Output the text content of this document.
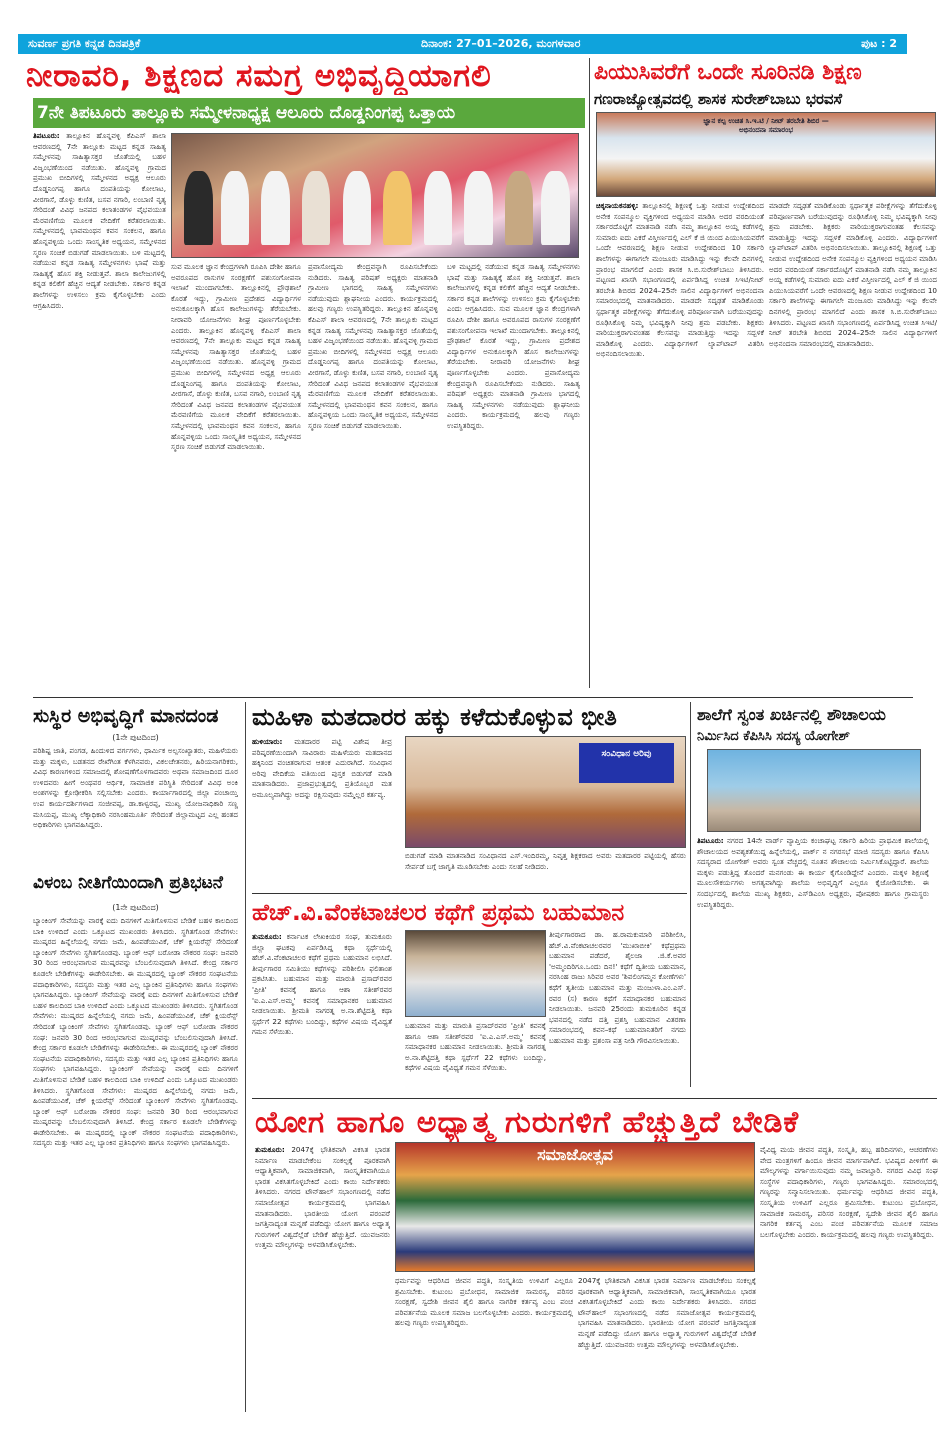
ಸುವರ್ಣ ಪ್ರಗತಿ ಕನ್ನಡ ದಿನಪತ್ರಿಕೆ	ದಿನಾಂಕ: 27–01–2026, ಮಂಗಳವಾರ	ಪುಟ : 2
ನೀರಾವರಿ, ಶಿಕ್ಷಣದ ಸಮಗ್ರ ಅಭಿವೃದ್ಧಿಯಾಗಲಿ
7ನೇ ತಿಪಟೂರು ತಾಲ್ಲೂಕು ಸಮ್ಮೇಳನಾಧ್ಯಕ್ಷ ಆಲೂರು ದೊಡ್ಡನಿಂಗಪ್ಪ ಒತ್ತಾಯ
ತಿಪಟೂರು: ತಾಲ್ಲೂಕಿನ ಹೊನ್ನವಳ್ಳಿ ಕೆಪಿಎಸ್ ಶಾಲಾ ಆವರಣದಲ್ಲಿ 7ನೇ ತಾಲ್ಲೂಕು ಮಟ್ಟದ ಕನ್ನಡ ಸಾಹಿತ್ಯ ಸಮ್ಮೇಳನವು ಸಾಹಿತ್ಯಾಸಕ್ತರ ಜೊತೆಯಲ್ಲಿ ಬಹಳ ವಿಜೃಂಭಣೆಯಿಂದ ನಡೆಯಿತು. ಹೊನ್ನವಳ್ಳಿ ಗ್ರಾಮದ ಪ್ರಮುಖ ಬೀದಿಗಳಲ್ಲಿ ಸಮ್ಮೇಳನದ ಅಧ್ಯಕ್ಷ ಆಲೂರು ದೊಡ್ಡನಿಂಗಪ್ಪ ಹಾಗೂ ದಂಪತಿಯನ್ನು ಕೋಲಾಟ, ವೀರಗಾಸೆ, ಡೊಳ್ಳು ಕುಣಿತ, ಬಸವ ನಗಾರಿ, ಲಂಬಾಣಿ ನೃತ್ಯ ಸೇರಿದಂತೆ ವಿವಿಧ ಜನಪದ ಕಲಾತಂಡಗಳ ವೈಭವಯುತ ಮೆರವಣಿಗೆಯ ಮೂಲಕ ವೇದಿಕೆಗೆ ಕರೆತರಲಾಯಿತು. ಸಮ್ಮೇಳನದಲ್ಲಿ ಭಾವಮಂಥನ ಕವನ ಸಂಕಲನ, ಹಾಗೂ ಹೊನ್ನವಳ್ಳಿಯ ಒಂದು ಸಾಂಸ್ಕೃತಿಕ ಅಧ್ಯಯನ, ಸಮ್ಮೇಳನದ ಸ್ಮರಣ ಸಂಚಿಕೆ ಬಿಡುಗಡೆ ಮಾಡಲಾಯಿತು. ಬಳಿ ಮಟ್ಟದಲ್ಲಿ ನಡೆಯುವ ಕನ್ನಡ ಸಾಹಿತ್ಯ ಸಮ್ಮೇಳನಗಳು ಭಾಷೆ ಮತ್ತು ಸಾಹಿತ್ಯಕ್ಕೆ ಹೊಸ ಶಕ್ತಿ ನೀಡುತ್ತವೆ. ಶಾಲಾ ಕಾಲೇಜುಗಳಲ್ಲಿ ಕನ್ನಡ ಕಲಿಕೆಗೆ ಹೆಚ್ಚಿನ ಆದ್ಯತೆ ನೀಡಬೇಕು. ಸರ್ಕಾರ ಕನ್ನಡ ಶಾಲೆಗಳನ್ನು ಉಳಿಸಲು ಕ್ರಮ ಕೈಗೊಳ್ಳಬೇಕು ಎಂದು ಆಗ್ರಹಿಸಿದರು.
ಸುವ ಮೂಲಕ ಜ್ಞಾನ ಕೇಂದ್ರಗಳಾಗಿ ರೂಪಿಸಿ ದೇಶೀ ಹಾಗೂ ಅವರೂಪದ ರಾಸುಗಳ ಸಂರಕ್ಷಣೆಗೆ ಪಶುಸಂಗೋಪನಾ ಇಲಾಖೆ ಮುಂದಾಗಬೇಕು. ತಾಲ್ಲೂಕಿನಲ್ಲಿ ಪ್ರೌಢಶಾಲೆ ಕೊರತೆ ಇದ್ದು, ಗ್ರಾಮೀಣ ಪ್ರದೇಶದ ವಿದ್ಯಾರ್ಥಿಗಳ ಅನುಕೂಲಕ್ಕಾಗಿ ಹೊಸ ಕಾಲೇಜುಗಳನ್ನು ತೆರೆಯಬೇಕು. ನೀರಾವರಿ ಯೋಜನೆಗಳು ಶೀಘ್ರ ಪೂರ್ಣಗೊಳ್ಳಬೇಕು ಎಂದರು. ತಾಲ್ಲೂಕಿನ ಹೊನ್ನವಳ್ಳಿ ಕೆಪಿಎಸ್ ಶಾಲಾ ಆವರಣದಲ್ಲಿ 7ನೇ ತಾಲ್ಲೂಕು ಮಟ್ಟದ ಕನ್ನಡ ಸಾಹಿತ್ಯ ಸಮ್ಮೇಳನವು ಸಾಹಿತ್ಯಾಸಕ್ತರ ಜೊತೆಯಲ್ಲಿ ಬಹಳ ವಿಜೃಂಭಣೆಯಿಂದ ನಡೆಯಿತು. ಹೊನ್ನವಳ್ಳಿ ಗ್ರಾಮದ ಪ್ರಮುಖ ಬೀದಿಗಳಲ್ಲಿ ಸಮ್ಮೇಳನದ ಅಧ್ಯಕ್ಷ ಆಲೂರು ದೊಡ್ಡನಿಂಗಪ್ಪ ಹಾಗೂ ದಂಪತಿಯನ್ನು ಕೋಲಾಟ, ವೀರಗಾಸೆ, ಡೊಳ್ಳು ಕುಣಿತ, ಬಸವ ನಗಾರಿ, ಲಂಬಾಣಿ ನೃತ್ಯ ಸೇರಿದಂತೆ ವಿವಿಧ ಜನಪದ ಕಲಾತಂಡಗಳ ವೈಭವಯುತ ಮೆರವಣಿಗೆಯ ಮೂಲಕ ವೇದಿಕೆಗೆ ಕರೆತರಲಾಯಿತು. ಸಮ್ಮೇಳನದಲ್ಲಿ ಭಾವಮಂಥನ ಕವನ ಸಂಕಲನ, ಹಾಗೂ ಹೊನ್ನವಳ್ಳಿಯ ಒಂದು ಸಾಂಸ್ಕೃತಿಕ ಅಧ್ಯಯನ, ಸಮ್ಮೇಳನದ ಸ್ಮರಣ ಸಂಚಿಕೆ ಬಿಡುಗಡೆ ಮಾಡಲಾಯಿತು.
ಪ್ರವಾಸೋದ್ಯಮ ಕೇಂದ್ರವನ್ನಾಗಿ ರೂಪಿಸಬೇಕೆಂದು ನುಡಿದರು. ಸಾಹಿತ್ಯ ಪರಿಷತ್ ಅಧ್ಯಕ್ಷರು ಮಾತನಾಡಿ ಗ್ರಾಮೀಣ ಭಾಗದಲ್ಲಿ ಸಾಹಿತ್ಯ ಸಮ್ಮೇಳನಗಳು ನಡೆಯುವುದು ಶ್ಲಾಘನೀಯ ಎಂದರು. ಕಾರ್ಯಕ್ರಮದಲ್ಲಿ ಹಲವು ಗಣ್ಯರು ಉಪಸ್ಥಿತರಿದ್ದರು. ತಾಲ್ಲೂಕಿನ ಹೊನ್ನವಳ್ಳಿ ಕೆಪಿಎಸ್ ಶಾಲಾ ಆವರಣದಲ್ಲಿ 7ನೇ ತಾಲ್ಲೂಕು ಮಟ್ಟದ ಕನ್ನಡ ಸಾಹಿತ್ಯ ಸಮ್ಮೇಳನವು ಸಾಹಿತ್ಯಾಸಕ್ತರ ಜೊತೆಯಲ್ಲಿ ಬಹಳ ವಿಜೃಂಭಣೆಯಿಂದ ನಡೆಯಿತು. ಹೊನ್ನವಳ್ಳಿ ಗ್ರಾಮದ ಪ್ರಮುಖ ಬೀದಿಗಳಲ್ಲಿ ಸಮ್ಮೇಳನದ ಅಧ್ಯಕ್ಷ ಆಲೂರು ದೊಡ್ಡನಿಂಗಪ್ಪ ಹಾಗೂ ದಂಪತಿಯನ್ನು ಕೋಲಾಟ, ವೀರಗಾಸೆ, ಡೊಳ್ಳು ಕುಣಿತ, ಬಸವ ನಗಾರಿ, ಲಂಬಾಣಿ ನೃತ್ಯ ಸೇರಿದಂತೆ ವಿವಿಧ ಜನಪದ ಕಲಾತಂಡಗಳ ವೈಭವಯುತ ಮೆರವಣಿಗೆಯ ಮೂಲಕ ವೇದಿಕೆಗೆ ಕರೆತರಲಾಯಿತು. ಸಮ್ಮೇಳನದಲ್ಲಿ ಭಾವಮಂಥನ ಕವನ ಸಂಕಲನ, ಹಾಗೂ ಹೊನ್ನವಳ್ಳಿಯ ಒಂದು ಸಾಂಸ್ಕೃತಿಕ ಅಧ್ಯಯನ, ಸಮ್ಮೇಳನದ ಸ್ಮರಣ ಸಂಚಿಕೆ ಬಿಡುಗಡೆ ಮಾಡಲಾಯಿತು.
ಬಳಿ ಮಟ್ಟದಲ್ಲಿ ನಡೆಯುವ ಕನ್ನಡ ಸಾಹಿತ್ಯ ಸಮ್ಮೇಳನಗಳು ಭಾಷೆ ಮತ್ತು ಸಾಹಿತ್ಯಕ್ಕೆ ಹೊಸ ಶಕ್ತಿ ನೀಡುತ್ತವೆ. ಶಾಲಾ ಕಾಲೇಜುಗಳಲ್ಲಿ ಕನ್ನಡ ಕಲಿಕೆಗೆ ಹೆಚ್ಚಿನ ಆದ್ಯತೆ ನೀಡಬೇಕು. ಸರ್ಕಾರ ಕನ್ನಡ ಶಾಲೆಗಳನ್ನು ಉಳಿಸಲು ಕ್ರಮ ಕೈಗೊಳ್ಳಬೇಕು ಎಂದು ಆಗ್ರಹಿಸಿದರು. ಸುವ ಮೂಲಕ ಜ್ಞಾನ ಕೇಂದ್ರಗಳಾಗಿ ರೂಪಿಸಿ ದೇಶೀ ಹಾಗೂ ಅವರೂಪದ ರಾಸುಗಳ ಸಂರಕ್ಷಣೆಗೆ ಪಶುಸಂಗೋಪನಾ ಇಲಾಖೆ ಮುಂದಾಗಬೇಕು. ತಾಲ್ಲೂಕಿನಲ್ಲಿ ಪ್ರೌಢಶಾಲೆ ಕೊರತೆ ಇದ್ದು, ಗ್ರಾಮೀಣ ಪ್ರದೇಶದ ವಿದ್ಯಾರ್ಥಿಗಳ ಅನುಕೂಲಕ್ಕಾಗಿ ಹೊಸ ಕಾಲೇಜುಗಳನ್ನು ತೆರೆಯಬೇಕು. ನೀರಾವರಿ ಯೋಜನೆಗಳು ಶೀಘ್ರ ಪೂರ್ಣಗೊಳ್ಳಬೇಕು ಎಂದರು. ಪ್ರವಾಸೋದ್ಯಮ ಕೇಂದ್ರವನ್ನಾಗಿ ರೂಪಿಸಬೇಕೆಂದು ನುಡಿದರು. ಸಾಹಿತ್ಯ ಪರಿಷತ್ ಅಧ್ಯಕ್ಷರು ಮಾತನಾಡಿ ಗ್ರಾಮೀಣ ಭಾಗದಲ್ಲಿ ಸಾಹಿತ್ಯ ಸಮ್ಮೇಳನಗಳು ನಡೆಯುವುದು ಶ್ಲಾಘನೀಯ ಎಂದರು. ಕಾರ್ಯಕ್ರಮದಲ್ಲಿ ಹಲವು ಗಣ್ಯರು ಉಪಸ್ಥಿತರಿದ್ದರು.
ಪಿಯುಸಿವರೆಗೆ ಒಂದೇ ಸೂರಿನಡಿ ಶಿಕ್ಷಣ
ಗಣರಾಜ್ಯೋತ್ಸವದಲ್ಲಿ ಶಾಸಕ ಸುರೇಶ್‌ಬಾಬು ಭರವಸೆ
ಜ್ಞಾನ ಕಲ್ಪ ಉಚಿತ ಸಿ.ಇ.ಟಿ / ನೀಟ್ ತರಬೇತಿ ಶಿಬಿರ — ಅಭಿನಂದನಾ ಸಮಾರಂಭ
ಚಿಕ್ಕನಾಯಕನಹಳ್ಳಿ: ತಾಲ್ಲೂಕಿನಲ್ಲಿ ಶಿಕ್ಷಣಕ್ಕೆ ಒತ್ತು ನೀಡುವ ಉದ್ದೇಶದಿಂದ ಅನೇಕ ಸಂಪನ್ಮೂಲ ವ್ಯಕ್ತಿಗಳಿಂದ ಅಧ್ಯಯನ ಮಾಡಿಸಿ ಅದರ ವರದಿಯಂತೆ ಸರ್ಕಾರದೊಟ್ಟಿಗೆ ಮಾತನಾಡಿ ನಡೆಸಿ ನಮ್ಮ ತಾಲ್ಲೂಕಿನ ಅಯ್ದ ಕಡೆಗಳಲ್ಲಿ ಸುಮಾರು ಐದು ಎಕರೆ ವಿಸ್ತೀರ್ಣದಲ್ಲಿ ಎಲ್ ಕೆ ಜಿ ಯಿಂದ ಪಿಯುಸಿಯವರೆಗೆ ಒಂದೇ ಆವರಣದಲ್ಲಿ ಶಿಕ್ಷಣ ನೀಡುವ ಉದ್ದೇಶದಿಂದ 10 ಸರ್ಕಾರಿ ಶಾಲೆಗಳನ್ನು ಈಗಾಗಲೇ ಮಂಜೂರು ಮಾಡಿಸಿದ್ದು ಇನ್ನು ಕೆಲವೇ ದಿನಗಳಲ್ಲಿ ಪ್ರಾರಂಭ ಮಾಗಲಿದೆ ಎಂದು ಶಾಸಕ ಸಿ.ಬಿ.ಸುರೇಶ್‌ಬಾಬು ತಿಳಿಸಿದರು. ಪಟ್ಟಣದ ಖಾಸಗಿ ಸಭಾಂಗಣದಲ್ಲಿ ಏರ್ಪಡಿಸಿದ್ದ ಉಚಿತ ಸಿಇಟಿ/ನೀಟ್ ತರಬೇತಿ ಶಿಬಿರದ 2024–25ನೇ ಸಾಲಿನ ವಿದ್ಯಾರ್ಥಿಗಳಿಗೆ ಅಭಿನಂದನಾ ಸಮಾರಂಭದಲ್ಲಿ ಮಾತನಾಡಿದರು. ಮಾಡದೇ ಸದೃಢತೆ ಮಾಡಿಕೊಂಡು ಸ್ಪರ್ಧಾತ್ಮಕ ಪರೀಕ್ಷೆಗಳನ್ನು ತೆಗೆದುಕೊಳ್ಳಿ ಪರಿಪೂರ್ಣವಾಗಿ ಬರೆಯುವುದನ್ನು ರೂಢಿಸಿಕೊಳ್ಳಿ ನಿಮ್ಮ ಭವಿಷ್ಯಕ್ಕಾಗಿ ನೀವು ಶ್ರಮ ಪಡಬೇಕು. ಶಿಕ್ಷಕರು ವಾರಿಯುಕ್ತರಾಗುವಂತಹ ಕೆಲಸವನ್ನು ಮಾಡುತ್ತಿದ್ದು ಇದನ್ನು ಸದ್ಬಳಕೆ ಮಾಡಿಕೊಳ್ಳಿ ಎಂದರು. ವಿದ್ಯಾರ್ಥಿಗಳಿಗೆ ಲ್ಯಾಪ್‌ಟಾಪ್ ವಿತರಿಸಿ ಅಭಿನಂದಿಸಲಾಯಿತು.
ಮಾಡದೇ ಸದೃಢತೆ ಮಾಡಿಕೊಂಡು ಸ್ಪರ್ಧಾತ್ಮಕ ಪರೀಕ್ಷೆಗಳನ್ನು ತೆಗೆದುಕೊಳ್ಳಿ ಪರಿಪೂರ್ಣವಾಗಿ ಬರೆಯುವುದನ್ನು ರೂಢಿಸಿಕೊಳ್ಳಿ ನಿಮ್ಮ ಭವಿಷ್ಯಕ್ಕಾಗಿ ನೀವು ಶ್ರಮ ಪಡಬೇಕು. ಶಿಕ್ಷಕರು ವಾರಿಯುಕ್ತರಾಗುವಂತಹ ಕೆಲಸವನ್ನು ಮಾಡುತ್ತಿದ್ದು ಇದನ್ನು ಸದ್ಬಳಕೆ ಮಾಡಿಕೊಳ್ಳಿ ಎಂದರು. ವಿದ್ಯಾರ್ಥಿಗಳಿಗೆ ಲ್ಯಾಪ್‌ಟಾಪ್ ವಿತರಿಸಿ ಅಭಿನಂದಿಸಲಾಯಿತು. ತಾಲ್ಲೂಕಿನಲ್ಲಿ ಶಿಕ್ಷಣಕ್ಕೆ ಒತ್ತು ನೀಡುವ ಉದ್ದೇಶದಿಂದ ಅನೇಕ ಸಂಪನ್ಮೂಲ ವ್ಯಕ್ತಿಗಳಿಂದ ಅಧ್ಯಯನ ಮಾಡಿಸಿ ಅದರ ವರದಿಯಂತೆ ಸರ್ಕಾರದೊಟ್ಟಿಗೆ ಮಾತನಾಡಿ ನಡೆಸಿ ನಮ್ಮ ತಾಲ್ಲೂಕಿನ ಅಯ್ದ ಕಡೆಗಳಲ್ಲಿ ಸುಮಾರು ಐದು ಎಕರೆ ವಿಸ್ತೀರ್ಣದಲ್ಲಿ ಎಲ್ ಕೆ ಜಿ ಯಿಂದ ಪಿಯುಸಿಯವರೆಗೆ ಒಂದೇ ಆವರಣದಲ್ಲಿ ಶಿಕ್ಷಣ ನೀಡುವ ಉದ್ದೇಶದಿಂದ 10 ಸರ್ಕಾರಿ ಶಾಲೆಗಳನ್ನು ಈಗಾಗಲೇ ಮಂಜೂರು ಮಾಡಿಸಿದ್ದು ಇನ್ನು ಕೆಲವೇ ದಿನಗಳಲ್ಲಿ ಪ್ರಾರಂಭ ಮಾಗಲಿದೆ ಎಂದು ಶಾಸಕ ಸಿ.ಬಿ.ಸುರೇಶ್‌ಬಾಬು ತಿಳಿಸಿದರು. ಪಟ್ಟಣದ ಖಾಸಗಿ ಸಭಾಂಗಣದಲ್ಲಿ ಏರ್ಪಡಿಸಿದ್ದ ಉಚಿತ ಸಿಇಟಿ/ನೀಟ್ ತರಬೇತಿ ಶಿಬಿರದ 2024–25ನೇ ಸಾಲಿನ ವಿದ್ಯಾರ್ಥಿಗಳಿಗೆ ಅಭಿನಂದನಾ ಸಮಾರಂಭದಲ್ಲಿ ಮಾತನಾಡಿದರು.
ಸುಸ್ಥಿರ ಅಭಿವೃದ್ಧಿಗೆ ಮಾನದಂಡ
(1ನೇ ಪುಟದಿಂದ)
ಪರಿಶಿಷ್ಟ ಜಾತಿ, ಪಂಗಡ, ಹಿಂದುಳಿದ ವರ್ಗಗಳು, ಧಾರ್ಮಿಕ ಅಲ್ಪಸಂಖ್ಯಾತರು, ಮಹಿಳೆಯರು ಮತ್ತು ಮಕ್ಕಳು, ಬಡತನದ ರೇಖೆಗಿಂತ ಕೆಳಗಿನವರು, ವಿಕಲಚೇತನರು, ಹಿರಿಯನಾಗರಿಕರು, ವಿವಿಧ ಕಾರಣಗಳಿಂದ ಸಮಾಜದಲ್ಲಿ ಶೋಷಣೆಗೊಳಗಾದವರು ಅಥವಾ ಸಮಾಜದಿಂದ ದೂರ ಉಳಿದವರು ಹೀಗೆ ಅಂಥವರ ಆರ್ಥಿಕ, ಸಾಮಾಜಿಕ ಪರಿಸ್ಥಿತಿ ಸೇರಿದಂತೆ ವಿವಿಧ ಅಂಕಿ ಅಂಶಗಳನ್ನು ಕ್ರೋಢೀಕರಿಸಿ ಸಲ್ಲಿಸಬೇಕು ಎಂದರು. ಕಾರ್ಯಾಗಾರದಲ್ಲಿ ಜಿಲ್ಲಾ ಪಂಚಾಯ್ತಿ ಉಪ ಕಾರ್ಯದರ್ಶಿಗಳಾದ ಸಂಜೀವಪ್ಪ, ಡಾ.ಕಾಳ್ವರಪ್ಪ, ಮುಖ್ಯ ಯೋಜನಾಧಿಕಾರಿ ಸಣ್ಣ ಮಸಿಯಪ್ಪ, ಮುಖ್ಯ ಲೆಕ್ಕಾಧಿಕಾರಿ ನರಸಿಂಹಮೂರ್ತಿ ಸೇರಿದಂತೆ ಜಿಲ್ಲಾಮಟ್ಟದ ಎಲ್ಲ ಹಂತದ ಅಧಿಕಾರಿಗಳು ಭಾಗವಹಿಸಿದ್ದರು.
ವಿಳಂಬ ನೀತಿಗೆಯಿಂದಾಗಿ ಪ್ರತಿಭಟನೆ
(1ನೇ ಪುಟದಿಂದ)
ಬ್ಯಾಂಕಿಂಗ್ ಸೇವೆಯನ್ನು ವಾರಕ್ಕೆ ಐದು ದಿನಗಳಿಗೆ ಮಿತಿಗೊಳಿಸುವ ಬೇಡಿಕೆ ಬಹಳ ಕಾಲದಿಂದ ಬಾಕಿ ಉಳಿದಿದೆ ಎಂದು ಒಕ್ಕೂಟದ ಮುಖಂಡರು ತಿಳಿಸಿದರು. ಸ್ಥಗಿತಗೊಂಡ ಸೇವೆಗಳು: ಮುಷ್ಕರದ ಹಿನ್ನೆಲೆಯಲ್ಲಿ ನಗದು ಜಮೆ, ಹಿಂಪಡೆಯುವಿಕೆ, ಚೆಕ್ ಕ್ಲಿಯರೆನ್ಸ್ ಸೇರಿದಂತೆ ಬ್ಯಾಂಕಿಂಗ್ ಸೇವೆಗಳು ಸ್ಥಗಿತಗೊಂಡವು. ಬ್ಯಾಂಕ್ ಆಫ್ ಬರೋಡಾ ನೌಕರರ ಸಂಘ: ಜನವರಿ 30 ರಿಂದ ಆರಂಭವಾಗುವ ಮುಷ್ಕರವನ್ನು ಬೆಂಬಲಿಸುವುದಾಗಿ ತಿಳಿಸಿದೆ. ಕೇಂದ್ರ ಸರ್ಕಾರ ಕೂಡಲೇ ಬೇಡಿಕೆಗಳನ್ನು ಈಡೇರಿಸಬೇಕು. ಈ ಮುಷ್ಕರದಲ್ಲಿ ಬ್ಯಾಂಕ್ ನೌಕರರ ಸಂಘಟನೆಯ ಪದಾಧಿಕಾರಿಗಳು, ಸದಸ್ಯರು ಮತ್ತು ಇತರ ಎಲ್ಲ ಬ್ಯಾಂಕಿನ ಪ್ರತಿನಿಧಿಗಳು ಹಾಗೂ ಸಂಘಗಳು ಭಾಗವಹಿಸಿದ್ದರು. ಬ್ಯಾಂಕಿಂಗ್ ಸೇವೆಯನ್ನು ವಾರಕ್ಕೆ ಐದು ದಿನಗಳಿಗೆ ಮಿತಿಗೊಳಿಸುವ ಬೇಡಿಕೆ ಬಹಳ ಕಾಲದಿಂದ ಬಾಕಿ ಉಳಿದಿದೆ ಎಂದು ಒಕ್ಕೂಟದ ಮುಖಂಡರು ತಿಳಿಸಿದರು. ಸ್ಥಗಿತಗೊಂಡ ಸೇವೆಗಳು: ಮುಷ್ಕರದ ಹಿನ್ನೆಲೆಯಲ್ಲಿ ನಗದು ಜಮೆ, ಹಿಂಪಡೆಯುವಿಕೆ, ಚೆಕ್ ಕ್ಲಿಯರೆನ್ಸ್ ಸೇರಿದಂತೆ ಬ್ಯಾಂಕಿಂಗ್ ಸೇವೆಗಳು ಸ್ಥಗಿತಗೊಂಡವು. ಬ್ಯಾಂಕ್ ಆಫ್ ಬರೋಡಾ ನೌಕರರ ಸಂಘ: ಜನವರಿ 30 ರಿಂದ ಆರಂಭವಾಗುವ ಮುಷ್ಕರವನ್ನು ಬೆಂಬಲಿಸುವುದಾಗಿ ತಿಳಿಸಿದೆ. ಕೇಂದ್ರ ಸರ್ಕಾರ ಕೂಡಲೇ ಬೇಡಿಕೆಗಳನ್ನು ಈಡೇರಿಸಬೇಕು. ಈ ಮುಷ್ಕರದಲ್ಲಿ ಬ್ಯಾಂಕ್ ನೌಕರರ ಸಂಘಟನೆಯ ಪದಾಧಿಕಾರಿಗಳು, ಸದಸ್ಯರು ಮತ್ತು ಇತರ ಎಲ್ಲ ಬ್ಯಾಂಕಿನ ಪ್ರತಿನಿಧಿಗಳು ಹಾಗೂ ಸಂಘಗಳು ಭಾಗವಹಿಸಿದ್ದರು. ಬ್ಯಾಂಕಿಂಗ್ ಸೇವೆಯನ್ನು ವಾರಕ್ಕೆ ಐದು ದಿನಗಳಿಗೆ ಮಿತಿಗೊಳಿಸುವ ಬೇಡಿಕೆ ಬಹಳ ಕಾಲದಿಂದ ಬಾಕಿ ಉಳಿದಿದೆ ಎಂದು ಒಕ್ಕೂಟದ ಮುಖಂಡರು ತಿಳಿಸಿದರು. ಸ್ಥಗಿತಗೊಂಡ ಸೇವೆಗಳು: ಮುಷ್ಕರದ ಹಿನ್ನೆಲೆಯಲ್ಲಿ ನಗದು ಜಮೆ, ಹಿಂಪಡೆಯುವಿಕೆ, ಚೆಕ್ ಕ್ಲಿಯರೆನ್ಸ್ ಸೇರಿದಂತೆ ಬ್ಯಾಂಕಿಂಗ್ ಸೇವೆಗಳು ಸ್ಥಗಿತಗೊಂಡವು. ಬ್ಯಾಂಕ್ ಆಫ್ ಬರೋಡಾ ನೌಕರರ ಸಂಘ: ಜನವರಿ 30 ರಿಂದ ಆರಂಭವಾಗುವ ಮುಷ್ಕರವನ್ನು ಬೆಂಬಲಿಸುವುದಾಗಿ ತಿಳಿಸಿದೆ. ಕೇಂದ್ರ ಸರ್ಕಾರ ಕೂಡಲೇ ಬೇಡಿಕೆಗಳನ್ನು ಈಡೇರಿಸಬೇಕು. ಈ ಮುಷ್ಕರದಲ್ಲಿ ಬ್ಯಾಂಕ್ ನೌಕರರ ಸಂಘಟನೆಯ ಪದಾಧಿಕಾರಿಗಳು, ಸದಸ್ಯರು ಮತ್ತು ಇತರ ಎಲ್ಲ ಬ್ಯಾಂಕಿನ ಪ್ರತಿನಿಧಿಗಳು ಹಾಗೂ ಸಂಘಗಳು ಭಾಗವಹಿಸಿದ್ದರು.
ಮಹಿಳಾ ಮತದಾರರ ಹಕ್ಕು ಕಳೆದುಕೊಳ್ಳುವ ಭೀತಿ
ಹುಳಿಯಾರು: ಮತದಾರರ ಪಟ್ಟಿ ವಿಶೇಷ ತೀವ್ರ ಪರಿಷ್ಕರಣೆಯಿಂದಾಗಿ ಸಾವಿರಾರು ಮಹಿಳೆಯರು ಮತದಾನದ ಹಕ್ಕಿನಿಂದ ವಂಚಿತರಾಗುವ ಆತಂಕ ಎದುರಾಗಿದೆ. ಸಂವಿಧಾನ ಅರಿವು ವೇದಿಕೆಯ ವತಿಯಿಂದ ಪುಸ್ತಕ ಬಿಡುಗಡೆ ಮಾಡಿ ಮಾತನಾಡಿದರು. ಪ್ರಜಾಪ್ರಭುತ್ವದಲ್ಲಿ ಪ್ರತಿಯೊಬ್ಬರ ಮತ ಅಮೂಲ್ಯವಾಗಿದ್ದು ಅದನ್ನು ರಕ್ಷಿಸುವುದು ನಮ್ಮೆಲ್ಲರ ಕರ್ತವ್ಯ.
ಸಂವಿಧಾನ ಅರಿವು
ಬಿಡುಗಡೆ ಮಾಡಿ ಮಾತನಾಡಿದ ಸಂವಿಧಾನದ ಎಸ್.ಇಂದಿರಮ್ಮ, ನಿವೃತ್ತ ಶಿಕ್ಷಕರಾದ ಅವರು ಮತದಾರರ ಪಟ್ಟಿಯಲ್ಲಿ ಹೆಸರು ಸೇರ್ಪಡೆ ಬಗ್ಗೆ ಜಾಗೃತಿ ಮೂಡಿಸಬೇಕು ಎಂದು ಸಲಹೆ ನೀಡಿದರು.
ಹೆಚ್.ವಿ.ವೆಂಕಟಾಚಲರ ಕಥೆಗೆ ಪ್ರಥಮ ಬಹುಮಾನ
ತುಮಕೂರು: ಕರ್ನಾಟಕ ಲೇಖಕಿಯರ ಸಂಘ, ತುಮಕೂರು ಜಿಲ್ಲಾ ಘಟಕವು ಏರ್ಪಡಿಸಿದ್ದ ಕಥಾ ಸ್ಪರ್ಧೆಯಲ್ಲಿ ಹೆಚ್.ವಿ.ವೆಂಕಟಾಚಲರ ಕಥೆಗೆ ಪ್ರಥಮ ಬಹುಮಾನ ಲಭಿಸಿದೆ. ತೀರ್ಪುಗಾರರ ಸಮಿತಿಯು ಕಥೆಗಳನ್ನು ಪರಿಶೀಲಿಸಿ ಫಲಿತಾಂಶ ಪ್ರಕಟಿಸಿತು. ಬಹುಮಾನ ಮತ್ತು ಮಾರುತಿ ಪ್ರಸಾದ್‌ರವರ 'ಪ್ರೀತಿ' ಕವನಕ್ಕೆ ಹಾಗೂ ಆಶಾ ಸತೀಶ್‌ರವರ 'ಐ.ಎ.ಎಸ್.ಅಮ್ಮ' ಕವನಕ್ಕೆ ಸಮಾಧಾನಕರ ಬಹುಮಾನ ನೀಡಲಾಯಿತು. ಶ್ರೀಮತಿ ನಾಗರತ್ನ ಅ.ನಾ.ಶೆಟ್ಟಿದತ್ತಿ ಕಥಾ ಸ್ಪರ್ಧೆಗೆ 22 ಕಥೆಗಳು ಬಂದಿದ್ದು, ಕಥೆಗಳ ವಿಷಯ ವೈವಿಧ್ಯತೆ ಗಮನ ಸೆಳೆಯಿತು.
ಬಹುಮಾನ ಮತ್ತು ಮಾರುತಿ ಪ್ರಸಾದ್‌ರವರ 'ಪ್ರೀತಿ' ಕವನಕ್ಕೆ ಹಾಗೂ ಆಶಾ ಸತೀಶ್‌ರವರ 'ಐ.ಎ.ಎಸ್.ಅಮ್ಮ' ಕವನಕ್ಕೆ ಸಮಾಧಾನಕರ ಬಹುಮಾನ ನೀಡಲಾಯಿತು. ಶ್ರೀಮತಿ ನಾಗರತ್ನ ಅ.ನಾ.ಶೆಟ್ಟಿದತ್ತಿ ಕಥಾ ಸ್ಪರ್ಧೆಗೆ 22 ಕಥೆಗಳು ಬಂದಿದ್ದು, ಕಥೆಗಳ ವಿಷಯ ವೈವಿಧ್ಯತೆ ಗಮನ ಸೆಳೆಯಿತು.
ತೀರ್ಪುಗಾರರಾದ ಡಾ. ಹ.ರಾಮಕುಮಾರಿ ಪರಿಶೀಲಿಸಿ, ಹೆಚ್.ವಿ.ವೆಂಕಟಾಚಲರವರ 'ಮುಖಾಬೀಕಿ' ಕಥೆಪ್ರಥಮ ಬಹುಮಾನ ಪಡೆದರೆ, ಶೈಲಜಾ .ಜಿ.ಕೆ.ಅವರ 'ಅಮ್ಮಂದಿರಿಗೂ.ಒಂದು ದಿನ!' ಕಥೆಗೆ ದ್ವಿತೀಯ ಬಹುಮಾನ, ನರಸಿಂಹ ರಾಜು ಸಿರಿವರ ಅವರ 'ಶಿವಲಿಂಗಮ್ಮನ ಕೋಣೆಗಳು' ಕಥೆಗೆ ತೃತೀಯ ಬಹುಮಾನ ಮತ್ತು ಮಂಜುಳಾ.ಎಂ.ಎಸ್. ರವರ (ಸ) ಕಾರಣ ಕಥೆಗೆ ಸಮಾಧಾನಕರ ಬಹುಮಾನ ನೀಡಲಾಯಿತು. ಜನವರಿ 25ರಂದು ತುಮಕೂರಿನ ಕನ್ನಡ ಭವನದಲ್ಲಿ ನಡೆದ ದತ್ತಿ ಪ್ರಶಸ್ತಿ ಬಹುಮಾನ ವಿತರಣಾ ಸಮಾರಂಭದಲ್ಲಿ ಕವನ–ಕಥೆ ಬಹುಮಾನಿತರಿಗೆ ನಗದು ಬಹುಮಾನ ಮತ್ತು ಪ್ರಶಂಸಾ ಪತ್ರ ನೀಡಿ ಗೌರವಿಸಲಾಯಿತು.
ಶಾಲೆಗೆ ಸ್ವಂತ ಖರ್ಚಿನಲ್ಲಿ ಶೌಚಾಲಯ
ನಿರ್ಮಿಸಿದ ಕೆಪಿಸಿಸಿ ಸದಸ್ಯ ಯೋಗೇಶ್
ತಿಪಟೂರು: ನಗರದ 14ನೇ ವಾರ್ಡ್ ವ್ಯಾಪ್ತಿಯ ಕಂಚಾಘಟ್ಟ ಸರ್ಕಾರಿ ಹಿರಿಯ ಪ್ರಾಥಮಿಕ ಶಾಲೆಯಲ್ಲಿ ಶೌಚಾಲಯದ ಅವಶ್ಯಕತೆಯಿದ್ದ ಹಿನ್ನೆಲೆಯಲ್ಲಿ, ಪಾರ್ಕ್ ನ ನಗರಸಭೆ ಮಾಜಿ ಸದಸ್ಯರು ಹಾಗೂ ಕೆಪಿಸಿಸಿ ಸದಸ್ಯರಾದ ಯೋಗೇಶ್ ಅವರು ಸ್ವಂತ ವೆಚ್ಚದಲ್ಲಿ ನೂತನ ಶೌಚಾಲಯ ನಿರ್ಮಿಸಿಕೊಟ್ಟಿದ್ದಾರೆ. ಶಾಲೆಯ ಮಕ್ಕಳು ಪಡುತ್ತಿದ್ದ ತೊಂದರೆ ಮನಗಂಡು ಈ ಕಾರ್ಯ ಕೈಗೊಂಡಿದ್ದೇನೆ ಎಂದರು. ಮಕ್ಕಳ ಶಿಕ್ಷಣಕ್ಕೆ ಮೂಲಸೌಕರ್ಯಗಳು ಅಗತ್ಯವಾಗಿದ್ದು ಶಾಲೆಯ ಅಭಿವೃದ್ಧಿಗೆ ಎಲ್ಲರೂ ಕೈಜೋಡಿಸಬೇಕು. ಈ ಸಂದರ್ಭದಲ್ಲಿ ಶಾಲೆಯ ಮುಖ್ಯ ಶಿಕ್ಷಕರು, ಎಸ್‌ಡಿಎಂಸಿ ಅಧ್ಯಕ್ಷರು, ಪೋಷಕರು ಹಾಗೂ ಗ್ರಾಮಸ್ಥರು ಉಪಸ್ಥಿತರಿದ್ದರು.
ಯೋಗ ಹಾಗೂ ಅಧ್ಯಾತ್ಮ ಗುರುಗಳಿಗೆ ಹೆಚ್ಚುತ್ತಿದೆ ಬೇಡಿಕೆ
ತುಮಕೂರು: 2047ಕ್ಕೆ ಭೌತಿಕವಾಗಿ ವಿಕಸಿತ ಭಾರತ ನಿರ್ಮಾಣ ಮಾಡಬೇಕೆಂಬ ಸಂಕಲ್ಪಕ್ಕೆ ಪೂರಕವಾಗಿ ಆಧ್ಯಾತ್ಮಿಕವಾಗಿ, ಸಾಮಾಜಿಕವಾಗಿ, ಸಾಂಸ್ಕೃತಿಕವಾಗಿಯೂ ಭಾರತ ವಿಕಸಿತಗೊಳ್ಳಬೇಕಿದೆ ಎಂದು ಕಾಯಿ ನಿರ್ದೇಶಕರು ತಿಳಿಸಿದರು. ನಗರದ ಟೌನ್‌ಹಾಲ್ ಸಭಾಂಗಣದಲ್ಲಿ ನಡೆದ ಸಮಾಜೋತ್ಸವ ಕಾರ್ಯಕ್ರಮದಲ್ಲಿ ಭಾಗವಹಿಸಿ ಮಾತನಾಡಿದರು. ಭಾರತೀಯ ಯೋಗ ಪರಂಪರೆ ಜಗತ್ತಿನಾದ್ಯಂತ ಮನ್ನಣೆ ಪಡೆದಿದ್ದು ಯೋಗ ಹಾಗೂ ಅಧ್ಯಾತ್ಮ ಗುರುಗಳಿಗೆ ವಿಶ್ವದೆಲ್ಲೆಡೆ ಬೇಡಿಕೆ ಹೆಚ್ಚುತ್ತಿದೆ. ಯುವಜನರು ಉತ್ತಮ ಮೌಲ್ಯಗಳನ್ನು ಅಳವಡಿಸಿಕೊಳ್ಳಬೇಕು.
ಸಮಾಜೋತ್ಸವ
ಧರ್ಮವನ್ನು ಆಧರಿಸಿದ ಜೀವನ ಪದ್ಧತಿ, ಸಂಸ್ಕೃತಿಯ ಉಳಿವಿಗೆ ಎಲ್ಲರೂ ಶ್ರಮಿಸಬೇಕು. ಕುಟುಂಬ ಪ್ರಬೋಧನ, ಸಾಮಾಜಿಕ ಸಾಮರಸ್ಯ, ಪರಿಸರ ಸಂರಕ್ಷಣೆ, ಸ್ವದೇಶಿ ಜೀವನ ಶೈಲಿ ಹಾಗೂ ನಾಗರಿಕ ಕರ್ತವ್ಯ ಎಂಬ ಪಂಚ ಪರಿವರ್ತನೆಯ ಮೂಲಕ ಸಮಾಜ ಬಲಗೊಳ್ಳಬೇಕು ಎಂದರು. ಕಾರ್ಯಕ್ರಮದಲ್ಲಿ ಹಲವು ಗಣ್ಯರು ಉಪಸ್ಥಿತರಿದ್ದರು.
2047ಕ್ಕೆ ಭೌತಿಕವಾಗಿ ವಿಕಸಿತ ಭಾರತ ನಿರ್ಮಾಣ ಮಾಡಬೇಕೆಂಬ ಸಂಕಲ್ಪಕ್ಕೆ ಪೂರಕವಾಗಿ ಆಧ್ಯಾತ್ಮಿಕವಾಗಿ, ಸಾಮಾಜಿಕವಾಗಿ, ಸಾಂಸ್ಕೃತಿಕವಾಗಿಯೂ ಭಾರತ ವಿಕಸಿತಗೊಳ್ಳಬೇಕಿದೆ ಎಂದು ಕಾಯಿ ನಿರ್ದೇಶಕರು ತಿಳಿಸಿದರು. ನಗರದ ಟೌನ್‌ಹಾಲ್ ಸಭಾಂಗಣದಲ್ಲಿ ನಡೆದ ಸಮಾಜೋತ್ಸವ ಕಾರ್ಯಕ್ರಮದಲ್ಲಿ ಭಾಗವಹಿಸಿ ಮಾತನಾಡಿದರು. ಭಾರತೀಯ ಯೋಗ ಪರಂಪರೆ ಜಗತ್ತಿನಾದ್ಯಂತ ಮನ್ನಣೆ ಪಡೆದಿದ್ದು ಯೋಗ ಹಾಗೂ ಅಧ್ಯಾತ್ಮ ಗುರುಗಳಿಗೆ ವಿಶ್ವದೆಲ್ಲೆಡೆ ಬೇಡಿಕೆ ಹೆಚ್ಚುತ್ತಿದೆ. ಯುವಜನರು ಉತ್ತಮ ಮೌಲ್ಯಗಳನ್ನು ಅಳವಡಿಸಿಕೊಳ್ಳಬೇಕು.
ವೈವಿಧ್ಯ ಮಯ ಜೀವನ ಪದ್ಧತಿ, ಸಂಸ್ಕೃತಿ, ಹಬ್ಬ ಹರಿದಿನಗಳು, ಆಚರಣೆಗಳು ವೇದ ಮಂತ್ರಗಳಿಗೆ ಹಿಂದೂ ಜೀವನ ಮಾರ್ಗವಾಗಿದೆ. ಭವಿಷ್ಯದ ಪೀಳಿಗೆಗೆ ಈ ಮೌಲ್ಯಗಳನ್ನು ವರ್ಗಾಯಿಸುವುದು ನಮ್ಮ ಜವಾಬ್ದಾರಿ. ನಗರದ ವಿವಿಧ ಸಂಘ ಸಂಸ್ಥೆಗಳ ಪದಾಧಿಕಾರಿಗಳು, ಗಣ್ಯರು ಭಾಗವಹಿಸಿದ್ದರು. ಸಮಾರಂಭದಲ್ಲಿ ಗಣ್ಯರನ್ನು ಸನ್ಮಾನಿಸಲಾಯಿತು. ಧರ್ಮವನ್ನು ಆಧರಿಸಿದ ಜೀವನ ಪದ್ಧತಿ, ಸಂಸ್ಕೃತಿಯ ಉಳಿವಿಗೆ ಎಲ್ಲರೂ ಶ್ರಮಿಸಬೇಕು. ಕುಟುಂಬ ಪ್ರಬೋಧನ, ಸಾಮಾಜಿಕ ಸಾಮರಸ್ಯ, ಪರಿಸರ ಸಂರಕ್ಷಣೆ, ಸ್ವದೇಶಿ ಜೀವನ ಶೈಲಿ ಹಾಗೂ ನಾಗರಿಕ ಕರ್ತವ್ಯ ಎಂಬ ಪಂಚ ಪರಿವರ್ತನೆಯ ಮೂಲಕ ಸಮಾಜ ಬಲಗೊಳ್ಳಬೇಕು ಎಂದರು. ಕಾರ್ಯಕ್ರಮದಲ್ಲಿ ಹಲವು ಗಣ್ಯರು ಉಪಸ್ಥಿತರಿದ್ದರು.
